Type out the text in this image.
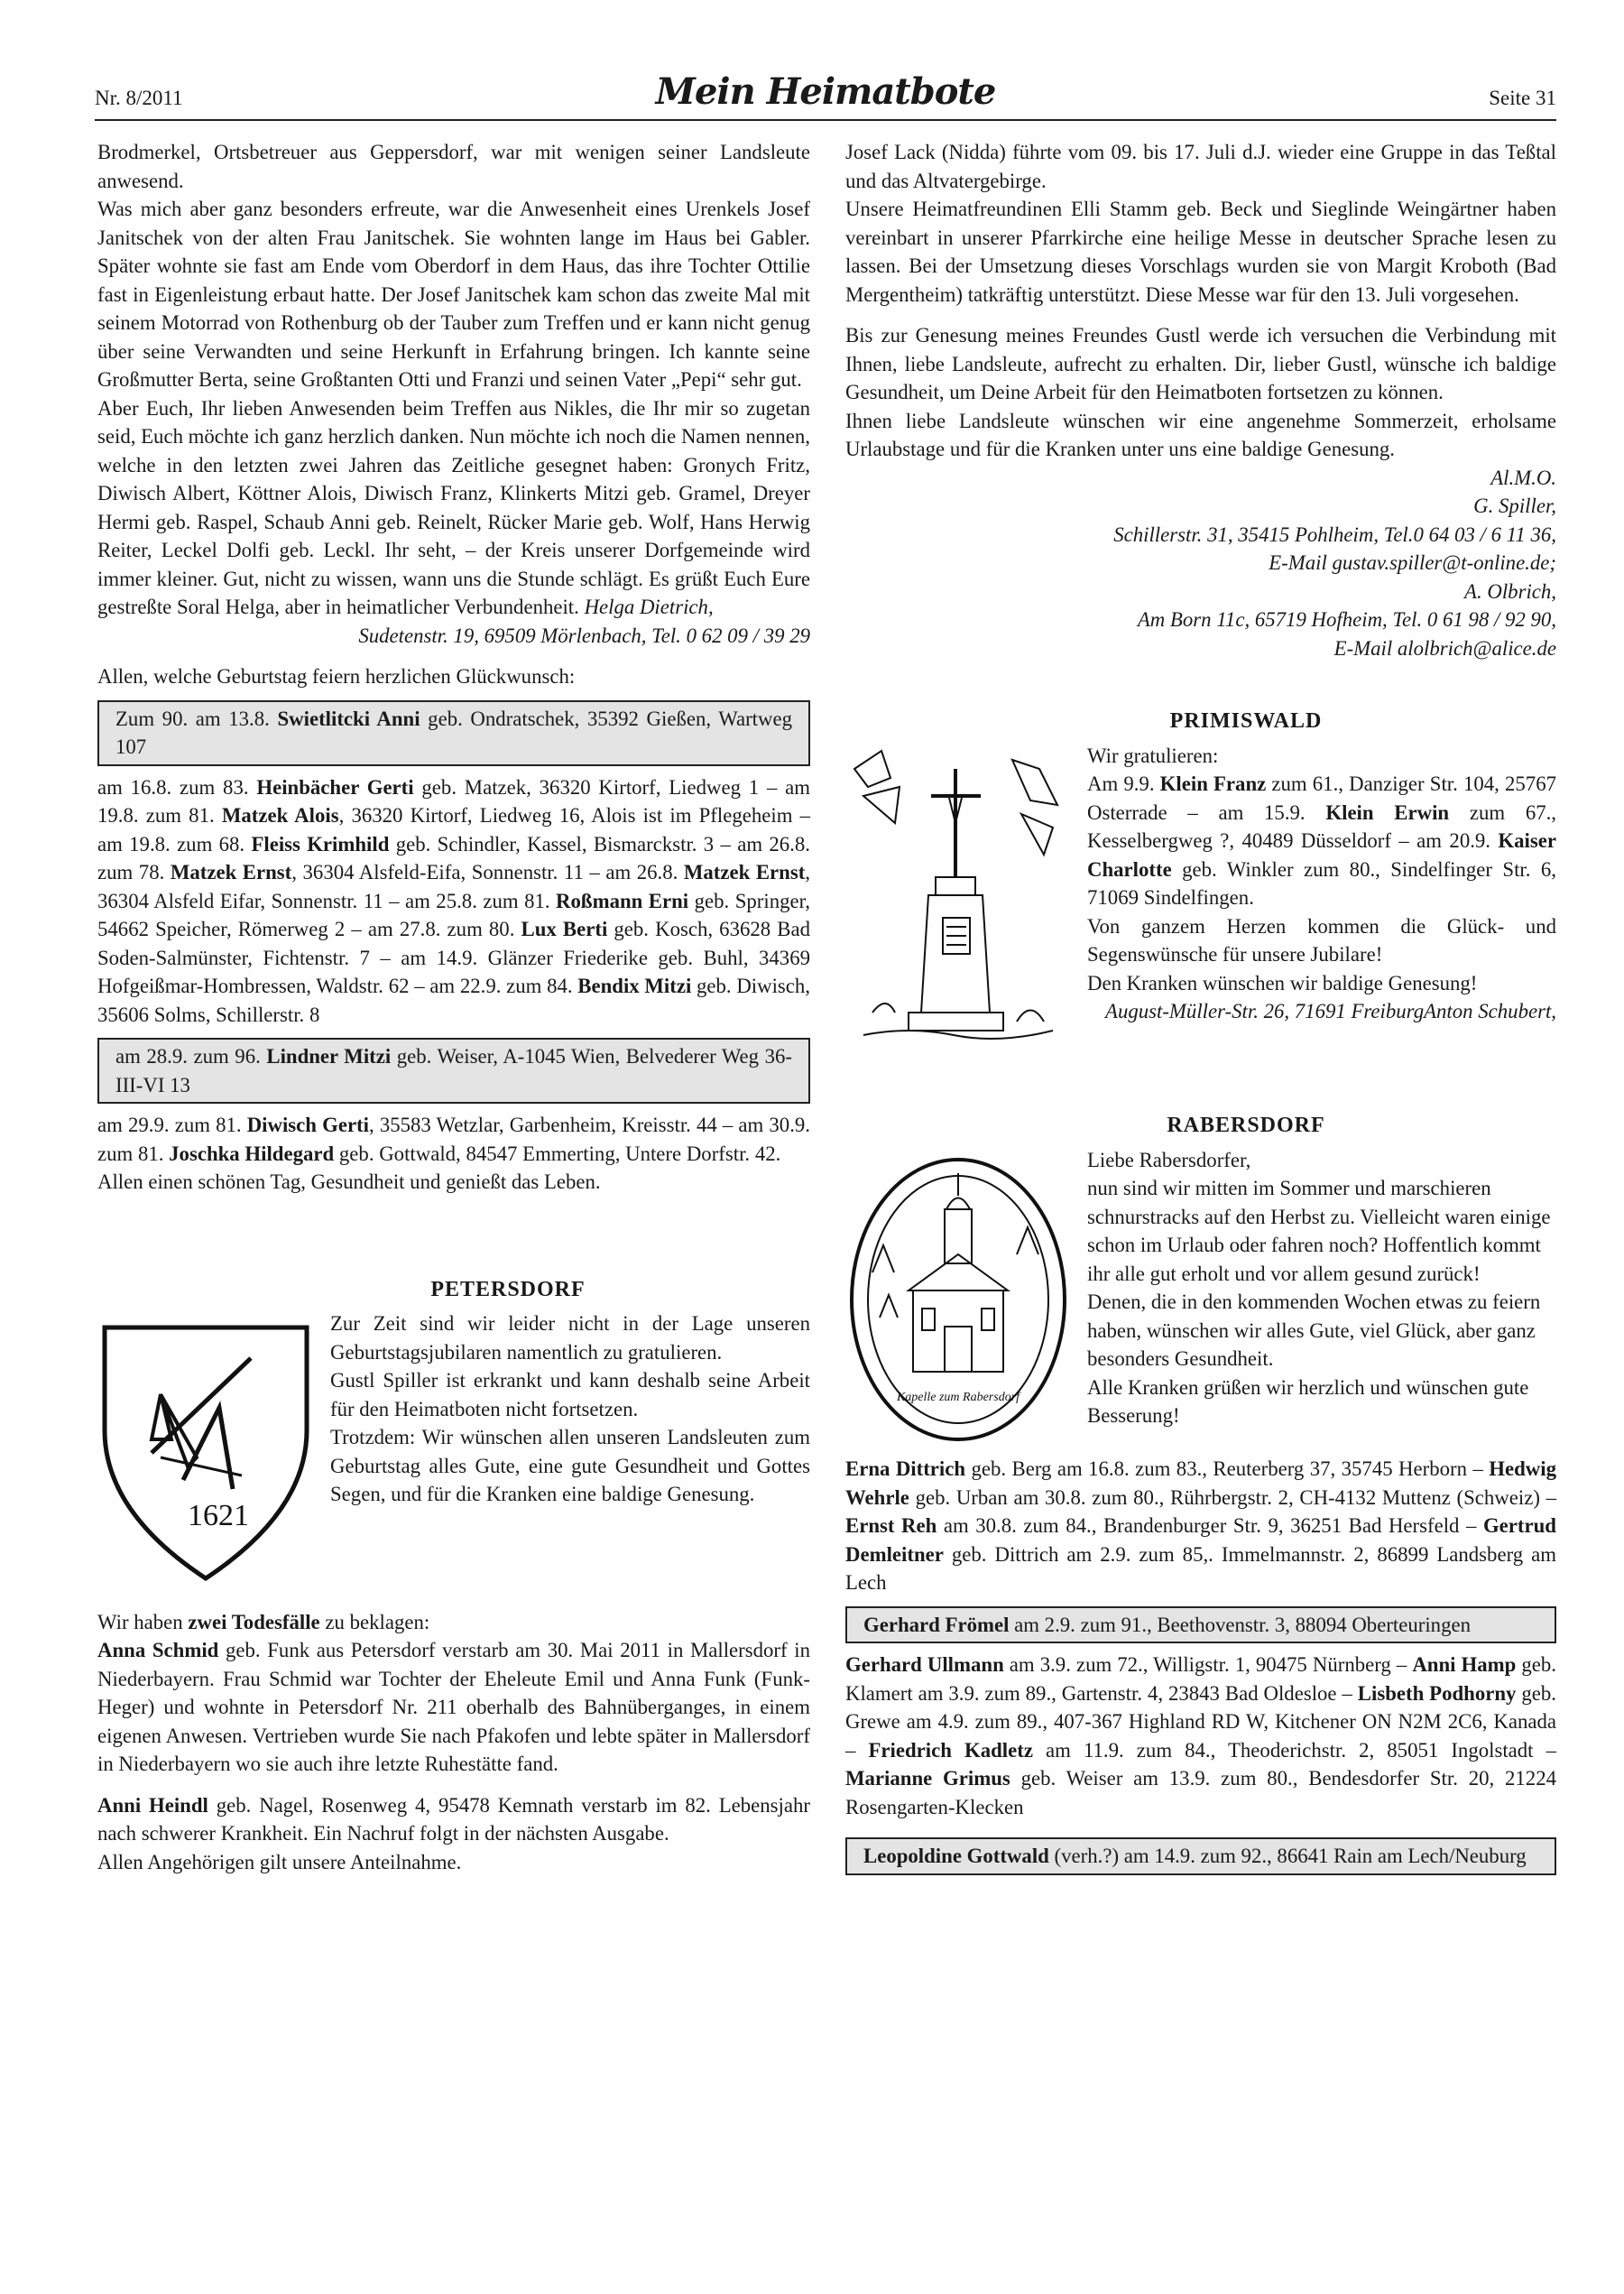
Nr. 8/2011	Mein Heimatbote	Seite 31

Brodmerkel, Ortsbetreuer aus Geppersdorf, war mit wenigen seiner Landsleute anwesend.

Was mich aber ganz besonders erfreute, war die Anwesenheit eines Urenkels Josef Janitschek von der alten Frau Janitschek. Sie wohnten lange im Haus bei Gabler. Später wohnte sie fast am Ende vom Oberdorf in dem Haus, das ihre Tochter Ottilie fast in Eigenleistung erbaut hatte. Der Josef Janitschek kam schon das zweite Mal mit seinem Motorrad von Rothenburg ob der Tauber zum Treffen und er kann nicht genug über seine Verwandten und seine Herkunft in Erfahrung bringen. Ich kannte seine Großmutter Berta, seine Großtanten Otti und Franzi und seinen Vater „Pepi“ sehr gut.

Aber Euch, Ihr lieben Anwesenden beim Treffen aus Nikles, die Ihr mir so zugetan seid, Euch möchte ich ganz herzlich danken. Nun möchte ich noch die Namen nennen, welche in den letzten zwei Jahren das Zeitliche gesegnet haben: Gronych Fritz, Diwisch Albert, Köttner Alois, Diwisch Franz, Klinkerts Mitzi geb. Gramel, Dreyer Hermi geb. Raspel, Schaub Anni geb. Reinelt, Rücker Marie geb. Wolf, Hans Herwig Reiter, Leckel Dolfi geb. Leckl. Ihr seht, – der Kreis unserer Dorfgemeinde wird immer kleiner. Gut, nicht zu wissen, wann uns die Stunde schlägt. Es grüßt Euch Eure gestreßte Soral Helga, aber in heimatlicher Verbundenheit. Helga Dietrich,

Sudetenstr. 19, 69509 Mörlenbach, Tel. 0 62 09 / 39 29

Allen, welche Geburtstag feiern herzlichen Glückwunsch:

Zum 90. am 13.8. Swietlitcki Anni geb. Ondratschek, 35392 Gießen, Wartweg 107

am 16.8. zum 83. Heinbächer Gerti geb. Matzek, 36320 Kirtorf, Liedweg 1 – am 19.8. zum 81. Matzek Alois, 36320 Kirtorf, Liedweg 16, Alois ist im Pflegeheim – am 19.8. zum 68. Fleiss Krimhild geb. Schindler, Kassel, Bismarckstr. 3 – am 26.8. zum 78. Matzek Ernst, 36304 Alsfeld-Eifa, Sonnenstr. 11 – am 26.8. Matzek Ernst, 36304 Alsfeld Eifar, Sonnenstr. 11 – am 25.8. zum 81. Roßmann Erni geb. Springer, 54662 Speicher, Römerweg 2 – am 27.8. zum 80. Lux Berti geb. Kosch, 63628 Bad Soden-Salmünster, Fichtenstr. 7 – am 14.9. Glänzer Friederike geb. Buhl, 34369 Hofgeißmar-Hombressen, Waldstr. 62 – am 22.9. zum 84. Bendix Mitzi geb. Diwisch, 35606 Solms, Schillerstr. 8

am 28.9. zum 96. Lindner Mitzi geb. Weiser, A-1045 Wien, Belvederer Weg 36-III-VI 13

am 29.9. zum 81. Diwisch Gerti, 35583 Wetzlar, Garbenheim, Kreisstr. 44 – am 30.9. zum 81. Joschka Hildegard geb. Gottwald, 84547 Emmerting, Untere Dorfstr. 42.

Allen einen schönen Tag, Gesundheit und genießt das Leben.

PETERSDORF
1621

Zur Zeit sind wir leider nicht in der Lage unseren Geburtstagsjubilaren namentlich zu gratulieren.

Gustl Spiller ist erkrankt und kann deshalb seine Arbeit für den Heimatboten nicht fortsetzen.

Trotzdem: Wir wünschen allen unseren Landsleuten zum Geburtstag alles Gute, eine gute Gesundheit und Gottes Segen, und für die Kranken eine baldige Genesung.

Wir haben zwei Todesfälle zu beklagen:

Anna Schmid geb. Funk aus Petersdorf verstarb am 30. Mai 2011 in Mallersdorf in Niederbayern. Frau Schmid war Tochter der Eheleute Emil und Anna Funk (Funk-Heger) und wohnte in Petersdorf Nr. 211 oberhalb des Bahnüberganges, in einem eigenen Anwesen. Vertrieben wurde Sie nach Pfakofen und lebte später in Mallersdorf in Niederbayern wo sie auch ihre letzte Ruhestätte fand.

Anni Heindl geb. Nagel, Rosenweg 4, 95478 Kemnath verstarb im 82. Lebensjahr nach schwerer Krankheit. Ein Nachruf folgt in der nächsten Ausgabe.

Allen Angehörigen gilt unsere Anteilnahme.

Josef Lack (Nidda) führte vom 09. bis 17. Juli d.J. wieder eine Gruppe in das Teßtal und das Altvatergebirge.

Unsere Heimatfreundinen Elli Stamm geb. Beck und Sieglinde Weingärtner haben vereinbart in unserer Pfarrkirche eine heilige Messe in deutscher Sprache lesen zu lassen. Bei der Umsetzung dieses Vorschlags wurden sie von Margit Kroboth (Bad Mergentheim) tatkräftig unterstützt. Diese Messe war für den 13. Juli vorgesehen.

Bis zur Genesung meines Freundes Gustl werde ich versuchen die Verbindung mit Ihnen, liebe Landsleute, aufrecht zu erhalten. Dir, lieber Gustl, wünsche ich baldige Gesundheit, um Deine Arbeit für den Heimatboten fortsetzen zu können.

Ihnen liebe Landsleute wünschen wir eine angenehme Sommerzeit, erholsame Urlaubstage und für die Kranken unter uns eine baldige Genesung.

Al.M.O.

G. Spiller,

Schillerstr. 31, 35415 Pohlheim, Tel.0 64 03 / 6 11 36,

E-Mail gustav.spiller@t-online.de;

A. Olbrich,

Am Born 11c, 65719 Hofheim, Tel. 0 61 98 / 92 90,

E-Mail alolbrich@alice.de

PRIMISWALD

Wir gratulieren:

Am 9.9. Klein Franz zum 61., Danziger Str. 104, 25767 Osterrade – am 15.9. Klein Erwin zum 67., Kesselbergweg ?, 40489 Düsseldorf – am 20.9. Kaiser Charlotte geb. Winkler zum 80., Sindelfinger Str. 6, 71069 Sindelfingen.

Von ganzem Herzen kommen die Glück- und Segenswünsche für unsere Jubilare!

Den Kranken wünschen wir baldige Genesung!
Anton Schubert,

August-Müller-Str. 26, 71691 Freiburg

RABERSDORF
Kapelle zum Rabersdorf

Liebe Rabersdorfer,

nun sind wir mitten im Sommer und marschieren schnurstracks auf den Herbst zu. Vielleicht waren einige schon im Urlaub oder fahren noch? Hoffentlich kommt ihr alle gut erholt und vor allem gesund zurück!

Denen, die in den kommenden Wochen etwas zu feiern haben, wünschen wir alles Gute, viel Glück, aber ganz besonders Gesundheit.

Alle Kranken grüßen wir herzlich und wünschen gute Besserung!

Erna Dittrich geb. Berg am 16.8. zum 83., Reuterberg 37, 35745 Herborn – Hedwig Wehrle geb. Urban am 30.8. zum 80., Rührbergstr. 2, CH-4132 Muttenz (Schweiz) – Ernst Reh am 30.8. zum 84., Brandenburger Str. 9, 36251 Bad Hersfeld – Gertrud Demleitner geb. Dittrich am 2.9. zum 85,. Immelmannstr. 2, 86899 Landsberg am Lech

Gerhard Frömel am 2.9. zum 91., Beethovenstr. 3, 88094 Oberteuringen

Gerhard Ullmann am 3.9. zum 72., Willigstr. 1, 90475 Nürnberg – Anni Hamp geb. Klamert am 3.9. zum 89., Gartenstr. 4, 23843 Bad Oldesloe – Lisbeth Podhorny geb. Grewe am 4.9. zum 89., 407-367 Highland RD W, Kitchener ON N2M 2C6, Kanada – Friedrich Kadletz am 11.9. zum 84., Theoderichstr. 2, 85051 Ingolstadt – Marianne Grimus geb. Weiser am 13.9. zum 80., Bendesdorfer Str. 20, 21224 Rosengarten-Klecken

Leopoldine Gottwald (verh.?) am 14.9. zum 92., 86641 Rain am Lech/Neuburg
